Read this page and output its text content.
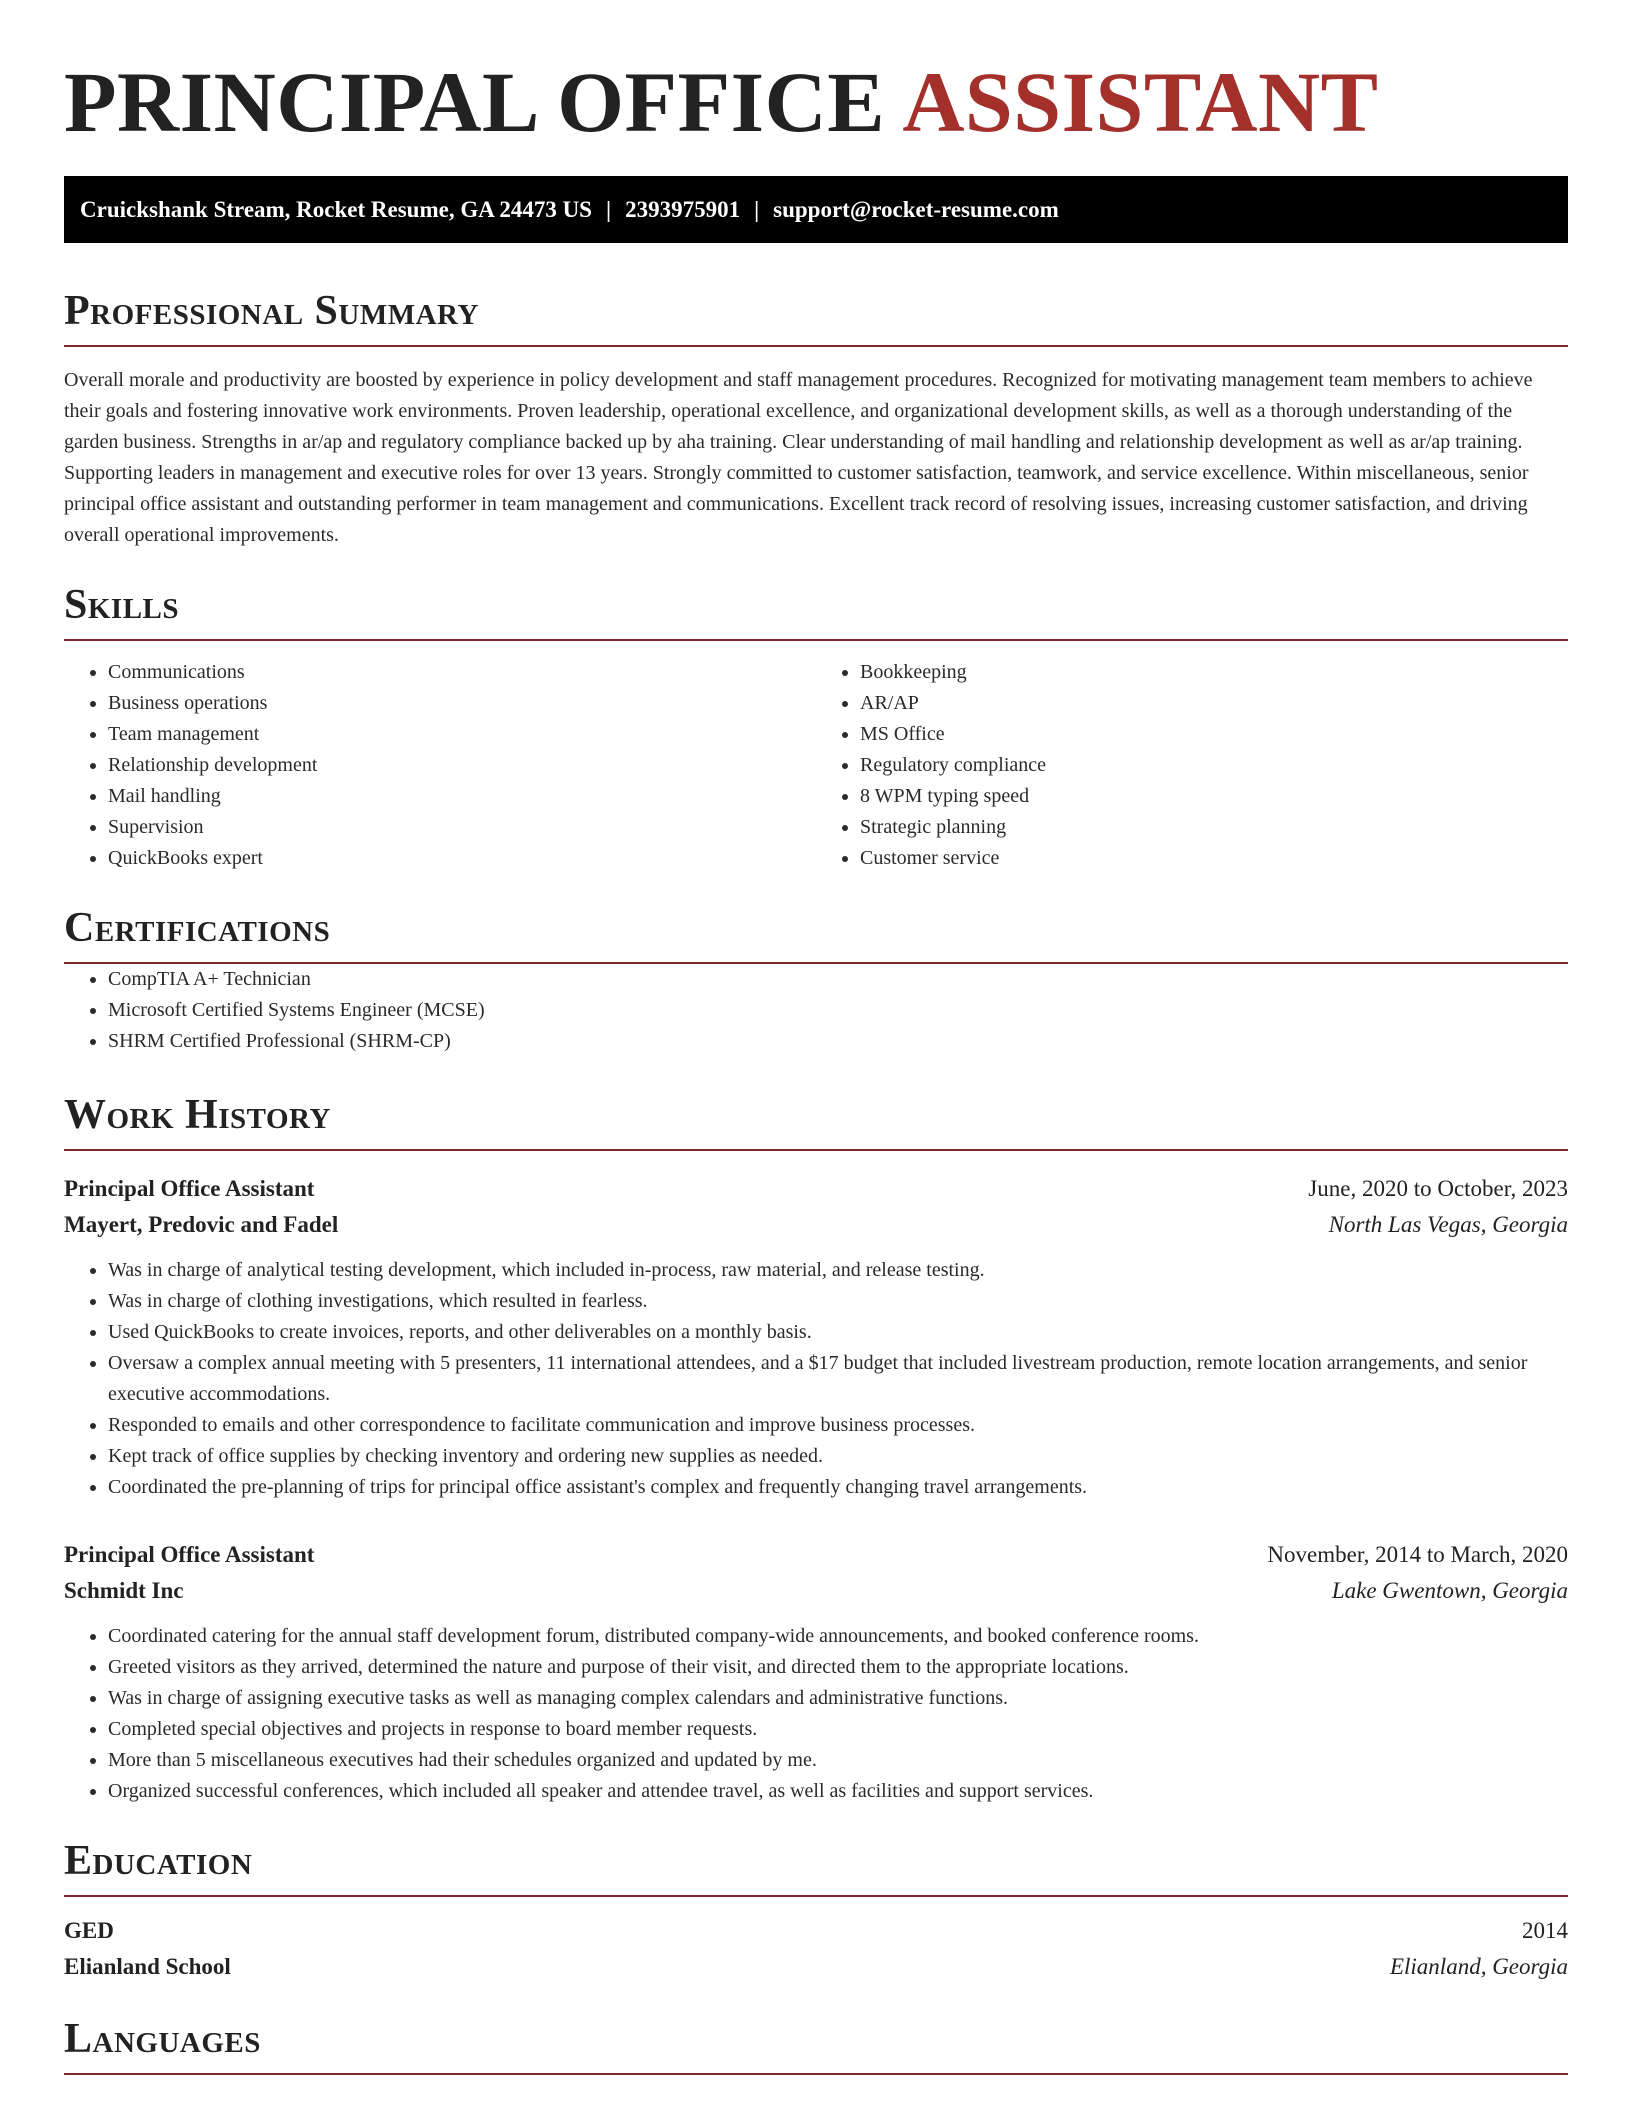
PRINCIPAL OFFICE ASSISTANT
Cruickshank Stream, Rocket Resume, GA 24473 US | 2393975901 | support@rocket-resume.com
Professional Summary

Overall morale and productivity are boosted by experience in policy development and staff management procedures. Recognized for motivating management team members to achieve their goals and fostering innovative work environments. Proven leadership, operational excellence, and organizational development skills, as well as a thorough understanding of the garden business. Strengths in ar/ap and regulatory compliance backed up by aha training. Clear understanding of mail handling and relationship development as well as ar/ap training. Supporting leaders in management and executive roles for over 13 years. Strongly committed to customer satisfaction, teamwork, and service excellence. Within miscellaneous, senior principal office assistant and outstanding performer in team management and communications. Excellent track record of resolving issues, increasing customer satisfaction, and driving overall operational improvements.

Skills
• Communications
• Business operations
• Team management
• Relationship development
• Mail handling
• Supervision
• QuickBooks expert
• Bookkeeping
• AR/AP
• MS Office
• Regulatory compliance
• 8 WPM typing speed
• Strategic planning
• Customer service
Certifications
• CompTIA A+ Technician
• Microsoft Certified Systems Engineer (MCSE)
• SHRM Certified Professional (SHRM-CP)
Work History
Principal Office Assistant	June, 2020 to October, 2023
Mayert, Predovic and Fadel	North Las Vegas, Georgia
• Was in charge of analytical testing development, which included in-process, raw material, and release testing.
• Was in charge of clothing investigations, which resulted in fearless.
• Used QuickBooks to create invoices, reports, and other deliverables on a monthly basis.
• Oversaw a complex annual meeting with 5 presenters, 11 international attendees, and a $17 budget that included livestream production, remote location arrangements, and senior executive accommodations.
• Responded to emails and other correspondence to facilitate communication and improve business processes.
• Kept track of office supplies by checking inventory and ordering new supplies as needed.
• Coordinated the pre-planning of trips for principal office assistant's complex and frequently changing travel arrangements.
Principal Office Assistant	November, 2014 to March, 2020
Schmidt Inc	Lake Gwentown, Georgia
• Coordinated catering for the annual staff development forum, distributed company-wide announcements, and booked conference rooms.
• Greeted visitors as they arrived, determined the nature and purpose of their visit, and directed them to the appropriate locations.
• Was in charge of assigning executive tasks as well as managing complex calendars and administrative functions.
• Completed special objectives and projects in response to board member requests.
• More than 5 miscellaneous executives had their schedules organized and updated by me.
• Organized successful conferences, which included all speaker and attendee travel, as well as facilities and support services.
Education
GED	2014
Elianland School	Elianland, Georgia
Languages
